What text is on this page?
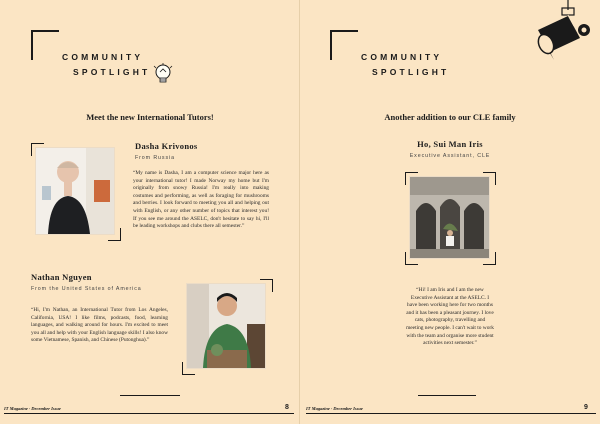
COMMUNITY
SPOTLIGHT
Meet the new International Tutors!
Dasha Krivonos
From Russia
“My name is Dasha, I am a computer science major here as your international tutor! I made Norway my home but I'm originally from snowy Russia! I'm really into making costumes and performing, as well as foraging for mushrooms and berries. I look forward to meeting you all and helping out with English, or any other number of topics that interest you! If you see me around the ASELC, don't hesitate to say hi, I'll be leading workshops and clubs there all semester.”
Nathan Nguyen
From the United States of America
“Hi, I'm Nathan, an International Tutor from Los Angeles, California, USA! I like films, podcasts, food, learning languages, and walking around for hours. I'm excited to meet you all and help with your English language skills! I also know some Vietnamese, Spanish, and Chinese (Putonghua).”
IT Magazine · December Issue	8
COMMUNITY
SPOTLIGHT
Another addition to our CLE family
Ho, Sui Man Iris
Executive Assistant, CLE
“Hi! I am Iris and I am the new Executive Assistant at the ASELC. I have been working here for two months and it has been a pleasant journey. I love cats, photography, travelling and meeting new people. I can't wait to work with the team and organise more student activities next semester.”
IT Magazine · December Issue	9
